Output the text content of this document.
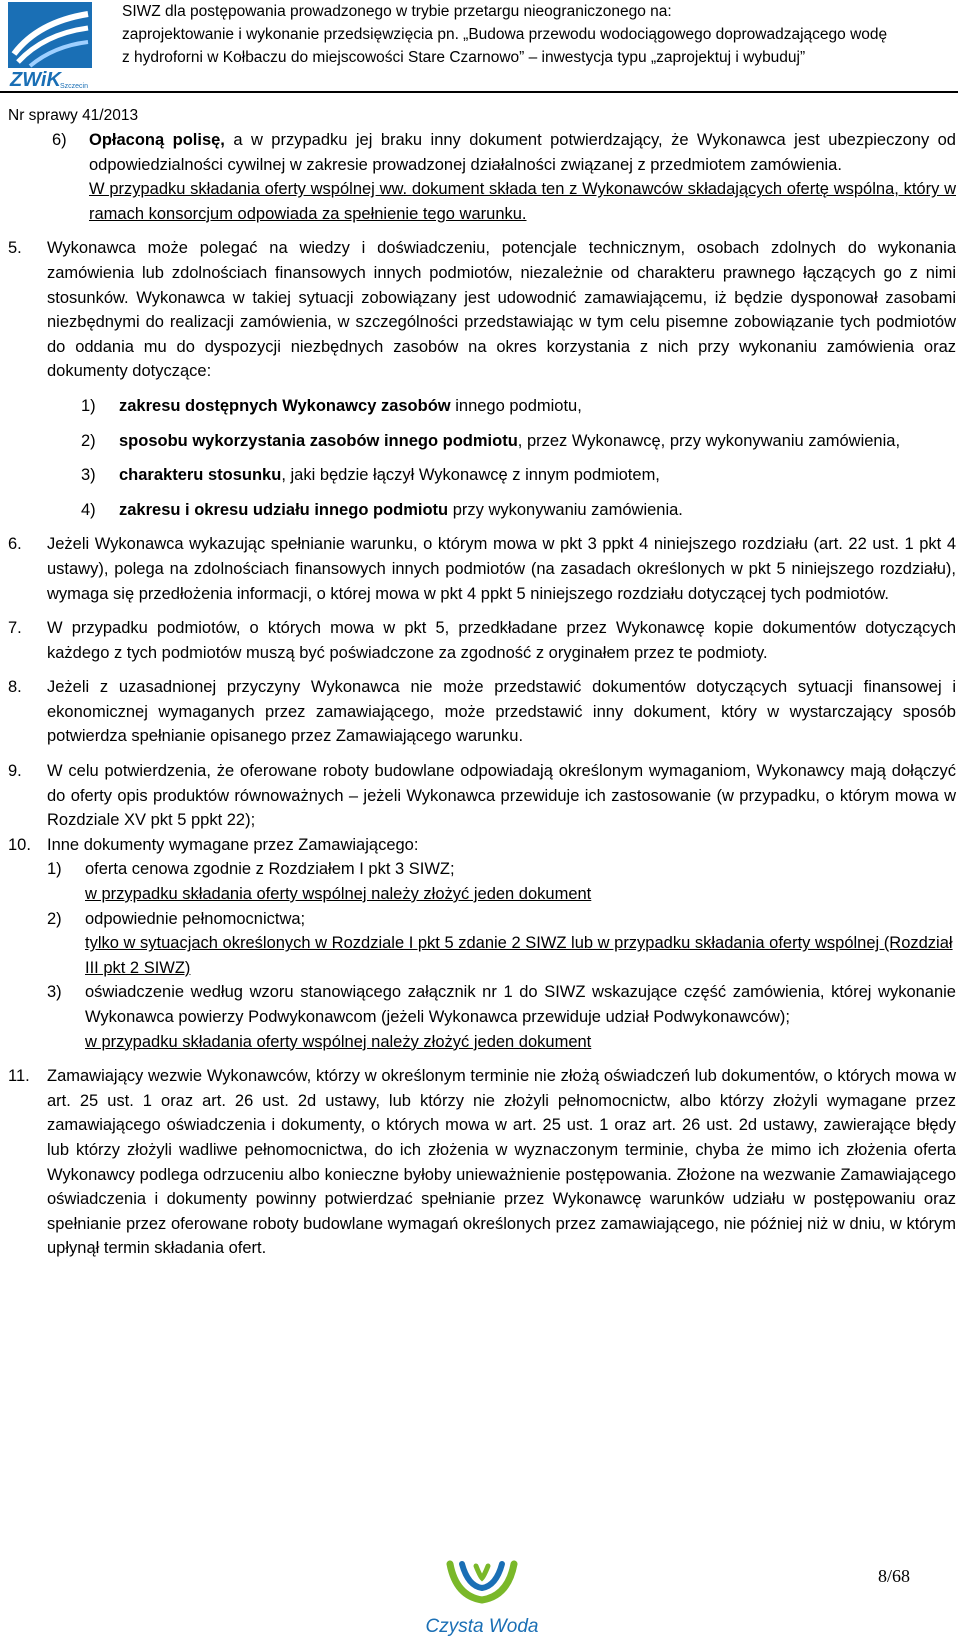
ZWiK Szczecin
SIWZ dla postępowania prowadzonego w trybie przetargu nieograniczonego na:
zaprojektowanie i wykonanie przedsięwzięcia pn. „Budowa przewodu wodociągowego doprowadzającego wodę
z hydroforni w Kołbaczu do miejscowości Stare Czarnowo” – inwestycja typu „zaprojektuj i wybuduj”
Nr sprawy 41/2013
6)	Opłaconą polisę, a w przypadku jej braku inny dokument potwierdzający, że Wykonawca jest ubezpieczony od odpowiedzialności cywilnej w zakresie prowadzonej działalności związanej z przedmiotem zamówienia.
W przypadku składania oferty wspólnej ww. dokument składa ten z Wykonawców składających ofertę wspólna, który w ramach konsorcjum odpowiada za spełnienie tego warunku.
5.	Wykonawca może polegać na wiedzy i doświadczeniu, potencjale technicznym, osobach zdolnych do wykonania zamówienia lub zdolnościach finansowych innych podmiotów, niezależnie od charakteru prawnego łączących go z nimi stosunków. Wykonawca w takiej sytuacji zobowiązany jest udowodnić zamawiającemu, iż będzie dysponował zasobami niezbędnymi do realizacji zamówienia, w szczególności przedstawiając w tym celu pisemne zobowiązanie tych podmiotów do oddania mu do dyspozycji niezbędnych zasobów na okres korzystania z nich przy wykonaniu zamówienia oraz dokumenty dotyczące:
1)	zakresu dostępnych Wykonawcy zasobów innego podmiotu,
2)	sposobu wykorzystania zasobów innego podmiotu, przez Wykonawcę, przy wykonywaniu zamówienia,
3)	charakteru stosunku, jaki będzie łączył Wykonawcę z innym podmiotem,
4)	zakresu i okresu udziału innego podmiotu przy wykonywaniu zamówienia.
6.	Jeżeli Wykonawca wykazując spełnianie warunku, o którym mowa w pkt 3 ppkt 4 niniejszego rozdziału (art. 22 ust. 1 pkt 4 ustawy), polega na zdolnościach finansowych innych podmiotów (na zasadach określonych w pkt 5 niniejszego rozdziału), wymaga się przedłożenia informacji, o której mowa w pkt 4 ppkt 5 niniejszego rozdziału dotyczącej tych podmiotów.
7.	W przypadku podmiotów, o których mowa w pkt 5, przedkładane przez Wykonawcę kopie dokumentów dotyczących każdego z tych podmiotów muszą być poświadczone za zgodność z oryginałem przez te podmioty.
8.	Jeżeli z uzasadnionej przyczyny Wykonawca nie może przedstawić dokumentów dotyczących sytuacji finansowej i ekonomicznej wymaganych przez zamawiającego, może przedstawić inny dokument, który w wystarczający sposób potwierdza spełnianie opisanego przez Zamawiającego warunku.
9.	W celu potwierdzenia, że oferowane roboty budowlane odpowiadają określonym wymaganiom, Wykonawcy mają dołączyć do oferty opis produktów równoważnych – jeżeli Wykonawca przewiduje ich zastosowanie (w przypadku, o którym mowa w Rozdziale XV pkt 5 ppkt 22);
10. Inne dokumenty wymagane przez Zamawiającego:
1)	oferta cenowa zgodnie z Rozdziałem I pkt 3 SIWZ;
w przypadku składania oferty wspólnej należy złożyć jeden dokument
2)	odpowiednie pełnomocnictwa;
tylko w sytuacjach określonych w Rozdziale I pkt 5 zdanie 2 SIWZ lub w przypadku składania oferty wspólnej (Rozdział III pkt 2 SIWZ)
3)	oświadczenie według wzoru stanowiącego załącznik nr 1 do SIWZ wskazujące część zamówienia, której wykonanie Wykonawca powierzy Podwykonawcom (jeżeli Wykonawca przewiduje udział Podwykonawców);
w przypadku składania oferty wspólnej należy złożyć jeden dokument
11.	Zamawiający wezwie Wykonawców, którzy w określonym terminie nie złożą oświadczeń lub dokumentów, o których mowa w art. 25 ust. 1 oraz art. 26 ust. 2d ustawy, lub którzy nie złożyli pełnomocnictw, albo którzy złożyli wymagane przez zamawiającego oświadczenia i dokumenty, o których mowa w art. 25 ust. 1 oraz art. 26 ust. 2d ustawy, zawierające błędy lub którzy złożyli wadliwe pełnomocnictwa, do ich złożenia w wyznaczonym terminie, chyba że mimo ich złożenia oferta Wykonawcy podlega odrzuceniu albo konieczne byłoby unieważnienie postępowania. Złożone na wezwanie Zamawiającego oświadczenia i dokumenty powinny potwierdzać spełnianie przez Wykonawcę warunków udziału w postępowaniu oraz spełnianie przez oferowane roboty budowlane wymagań określonych przez zamawiającego, nie później niż w dniu, w którym upłynął termin składania ofert.
Czysta Woda
8/68
